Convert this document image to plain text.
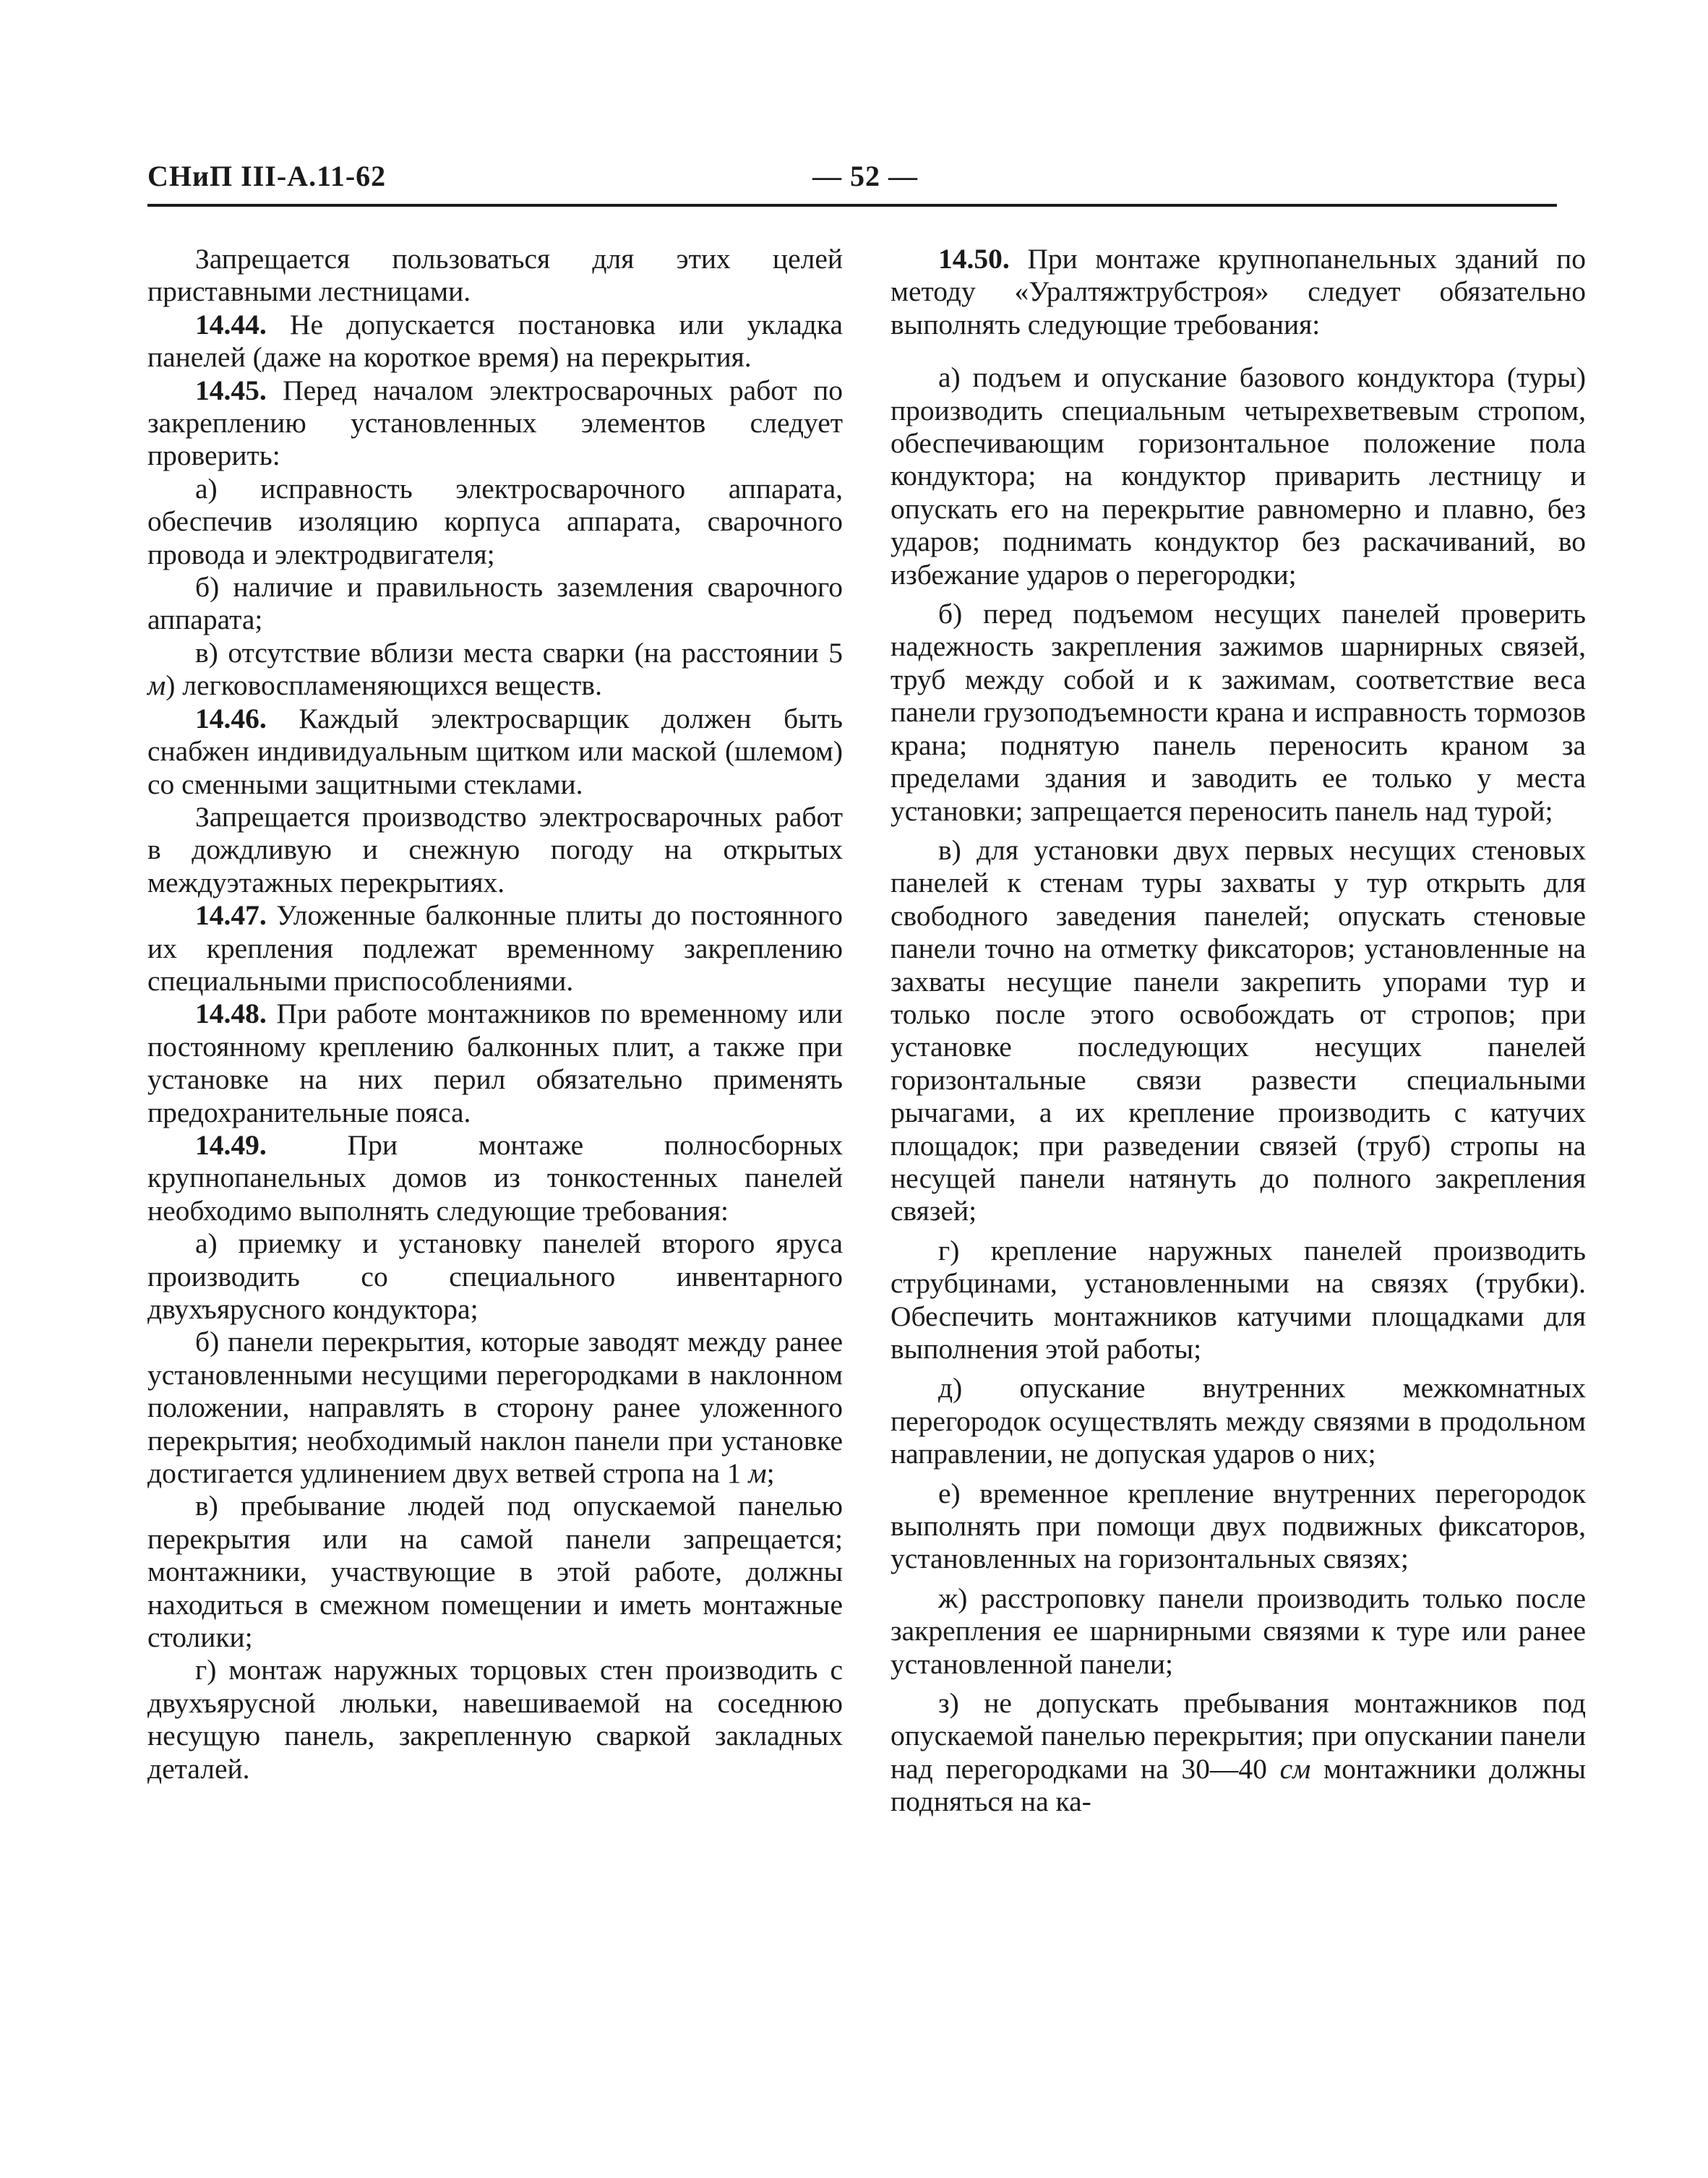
СНиП III-А.11-62	— 52 —

Запрещается пользоваться для этих целей приставными лестницами.

14.44. Не допускается постановка или укладка панелей (даже на короткое время) на перекрытия.

14.45. Перед началом электросварочных работ по закреплению установленных элементов следует проверить:

а) исправность электросварочного аппарата, обеспечив изоляцию корпуса аппарата, сварочного провода и электродвигателя;

б) наличие и правильность заземления сварочного аппарата;

в) отсутствие вблизи места сварки (на расстоянии 5 м) легковоспламеняющихся веществ.

14.46. Каждый электросварщик должен быть снабжен индивидуальным щитком или маской (шлемом) со сменными защитными стеклами.

Запрещается производство электросварочных работ в дождливую и снежную погоду на открытых междуэтажных перекрытиях.

14.47. Уложенные балконные плиты до постоянного их крепления подлежат временному закреплению специальными приспособлениями.

14.48. При работе монтажников по временному или постоянному креплению балконных плит, а также при установке на них перил обязательно применять предохранительные пояса.

14.49.	При монтаже полносборных крупнопанельных домов из тонкостенных панелей необходимо выполнять следующие требования:

а) приемку и установку панелей второго яруса производить со специального инвентарного двухъярусного кондуктора;

б) панели перекрытия, которые заводят между ранее установленными несущими перегородками в наклонном положении, направлять в сторону ранее уложенного перекрытия; необходимый наклон панели при установке достигается удлинением двух ветвей стропа на 1 м;

в) пребывание людей под опускаемой панелью перекрытия или на самой панели запрещается; монтажники, участвующие в этой работе, должны находиться в смежном помещении и иметь монтажные столики;

г) монтаж наружных торцовых стен производить с двухъярусной люльки, навешиваемой на соседнюю несущую панель, закрепленную сваркой закладных деталей.

14.50. При монтаже крупнопанельных зданий по методу «Уралтяжтрубстроя» следует обязательно выполнять следующие требования:

а) подъем и опускание базового кондуктора (туры) производить специальным четырехветвевым стропом, обеспечивающим горизонтальное положение пола кондуктора; на кондуктор приварить лестницу и опускать его на перекрытие равномерно и плавно, без ударов; поднимать кондуктор без раскачиваний, во избежание ударов о перегородки;

б) перед подъемом несущих панелей проверить надежность закрепления зажимов шарнирных связей, труб между собой и к зажимам, соответствие веса панели грузоподъемности крана и исправность тормозов крана; поднятую панель переносить краном за пределами здания и заводить ее только у места установки; запрещается переносить панель над турой;

в) для установки двух первых несущих стеновых панелей к стенам туры захваты у тур открыть для свободного заведения панелей; опускать стеновые панели точно на отметку фиксаторов; установленные на захваты несущие панели закрепить упорами тур и только после этого освобождать от стропов; при установке последующих несущих панелей горизонтальные связи развести специальными рычагами, а их крепление производить с катучих площадок; при разведении связей (труб) стропы на несущей панели натянуть до полного закрепления связей;

г) крепление наружных панелей производить струбцинами, установленными на связях (трубки). Обеспечить монтажников катучими площадками для выполнения этой работы;

д) опускание внутренних межкомнатных перегородок осуществлять между связями в продольном направлении, не допуская ударов о них;

е) временное крепление внутренних перегородок выполнять при помощи двух подвижных фиксаторов, установленных на горизонтальных связях;

ж) расстроповку панели производить только после закрепления ее шарнирными связями к туре или ранее установленной панели;

з) не допускать пребывания монтажников под опускаемой панелью перекрытия; при опускании панели над перегородками на 30—40 см монтажники должны подняться на ка-
